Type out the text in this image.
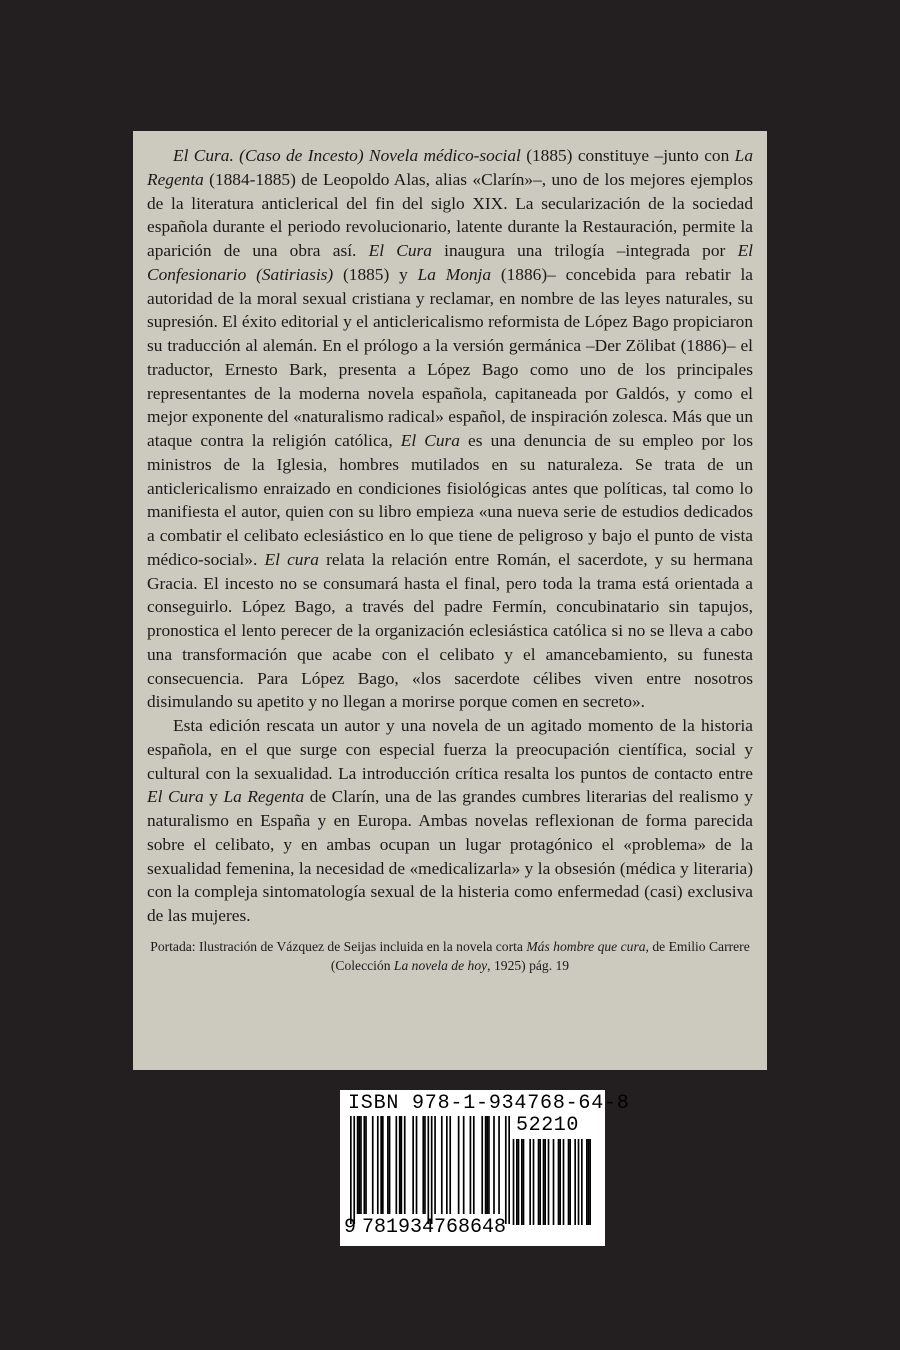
El Cura. (Caso de Incesto) Novela médico-social (1885) constituye –junto con La Regenta (1884-1885) de Leopoldo Alas, alias «Clarín»–, uno de los mejores ejemplos de la literatura anticlerical del fin del siglo XIX. La secularización de la sociedad española durante el periodo revolucionario, latente durante la Restauración, permite la aparición de una obra así. El Cura inaugura una trilogía –integrada por El Confesionario (Satiriasis) (1885) y La Monja (1886)– concebida para rebatir la autoridad de la moral sexual cristiana y reclamar, en nombre de las leyes naturales, su supresión. El éxito editorial y el anticlericalismo reformista de López Bago propiciaron su traducción al alemán. En el prólogo a la versión germánica –Der Zölibat (1886)– el traductor, Ernesto Bark, presenta a López Bago como uno de los principales representantes de la moderna novela española, capitaneada por Galdós, y como el mejor exponente del «naturalismo radical» español, de inspiración zolesca. Más que un ataque contra la religión católica, El Cura es una denuncia de su empleo por los ministros de la Iglesia, hombres mutilados en su naturaleza. Se trata de un anticlericalismo enraizado en condiciones fisiológicas antes que políticas, tal como lo manifiesta el autor, quien con su libro empieza «una nueva serie de estudios dedicados a combatir el celibato eclesiástico en lo que tiene de peligroso y bajo el punto de vista médico-social». El cura relata la relación entre Román, el sacerdote, y su hermana Gracia. El incesto no se consumará hasta el final, pero toda la trama está orientada a conseguirlo. López Bago, a través del padre Fermín, concubinatario sin tapujos, pronostica el lento perecer de la organización eclesiástica católica si no se lleva a cabo una transformación que acabe con el celibato y el amancebamiento, su funesta consecuencia. Para López Bago, «los sacerdote célibes viven entre nosotros disimulando su apetito y no llegan a morirse porque comen en secreto».

Esta edición rescata un autor y una novela de un agitado momento de la historia española, en el que surge con especial fuerza la preocupación científica, social y cultural con la sexualidad. La introducción crítica resalta los puntos de contacto entre El Cura y La Regenta de Clarín, una de las grandes cumbres literarias del realismo y naturalismo en España y en Europa. Ambas novelas reflexionan de forma parecida sobre el celibato, y en ambas ocupan un lugar protagónico el «problema» de la sexualidad femenina, la necesidad de «medicalizarla» y la obsesión (médica y literaria) con la compleja sintomatología sexual de la histeria como enfermedad (casi) exclusiva de las mujeres.

Portada: Ilustración de Vázquez de Seijas incluida en la novela corta Más hombre que cura, de Emilio Carrere (Colección La novela de hoy, 1925) pág. 19

ISBN 978-1-934768-64-8
52210
9 781934768648
